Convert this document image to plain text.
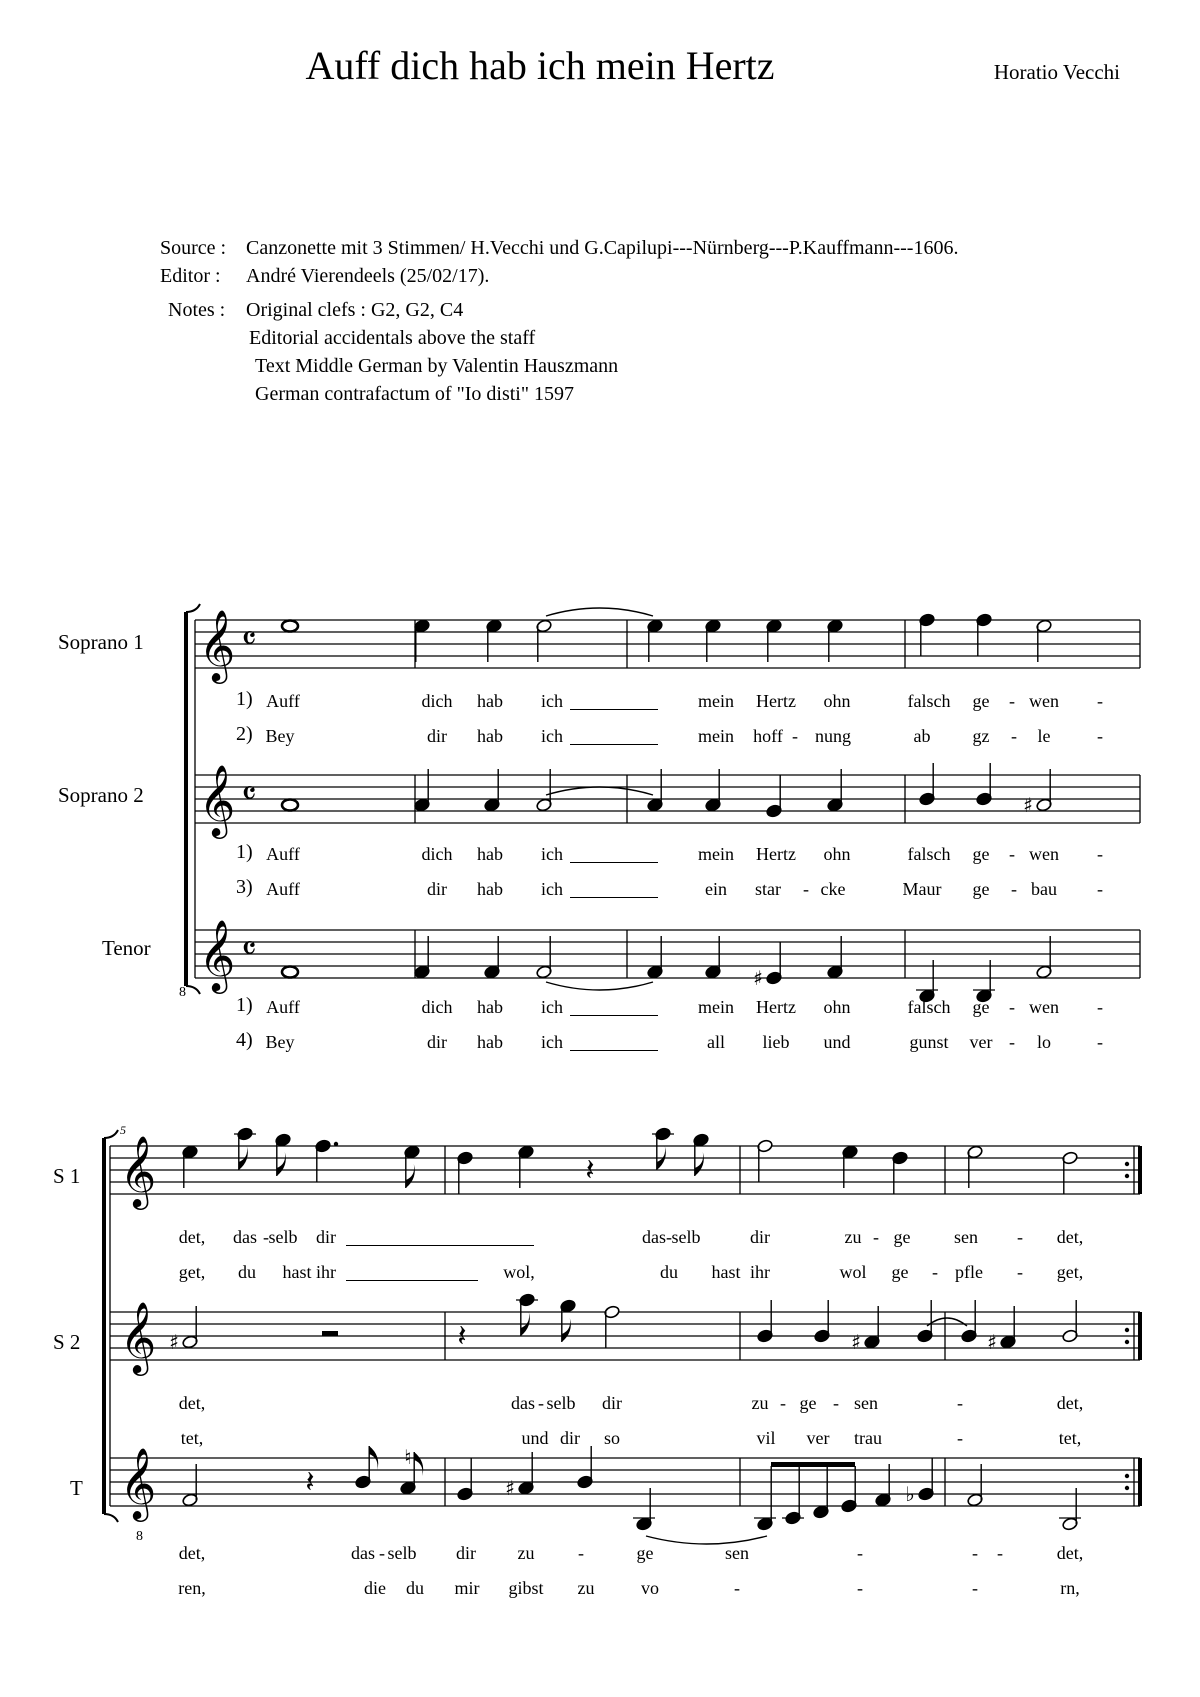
Auff dich hab ich mein Hertz	Horatio Vecchi
Source : Canzonette mit 3 Stimmen/ H.Vecchi und G.Capilupi---Nürnberg---P.Kauffmann---1606.
Editor : André Vierendeels (25/02/17).
Notes : Original clefs : G2, G2, C4
Editorial accidentals above the staff
Text Middle German by Valentin Hauszmann
German contrafactum of "Io disti" 1597
Soprano 1
Soprano 2
Tenor
S 1
S 2
T
5
8
8
𝄞 𝄴
𝄞 𝄴
𝄞 𝄴
♯
♯
𝄞
𝄞
𝄞
𝄽
♯	𝄽	♯	♯
𝄽
♮
♯	♭
1) Auff	dich hab ich	mein Hertz ohn	falsch ge - wen -
2) Bey	dir hab ich	mein hoff - nung	ab gz - le	-
1) Auff	dich hab ich	mein Hertz ohn	falsch ge - wen -
3) Auff	dir hab ich	ein star - cke	Maur ge - bau -
1) Auff	dich hab ich	mein Hertz ohn	falsch ge - wen -
4) Bey	dir hab ich	all lieb und	gunst ver - lo	-
det, das - selb dir	das - selb	dir	zu - ge sen - det,
get, du hast ihr	wol,	du hast ihr	wol ge - pfle - get,
det,	das - selb dir	zu - ge - sen	-	det,
tet,	und dir so	vil ver trau	-	tet,
det,	das - selb dir zu -	ge	sen	-	- -	det,
ren,	die du mir gibst zu	vo	-	-	-	rn,
